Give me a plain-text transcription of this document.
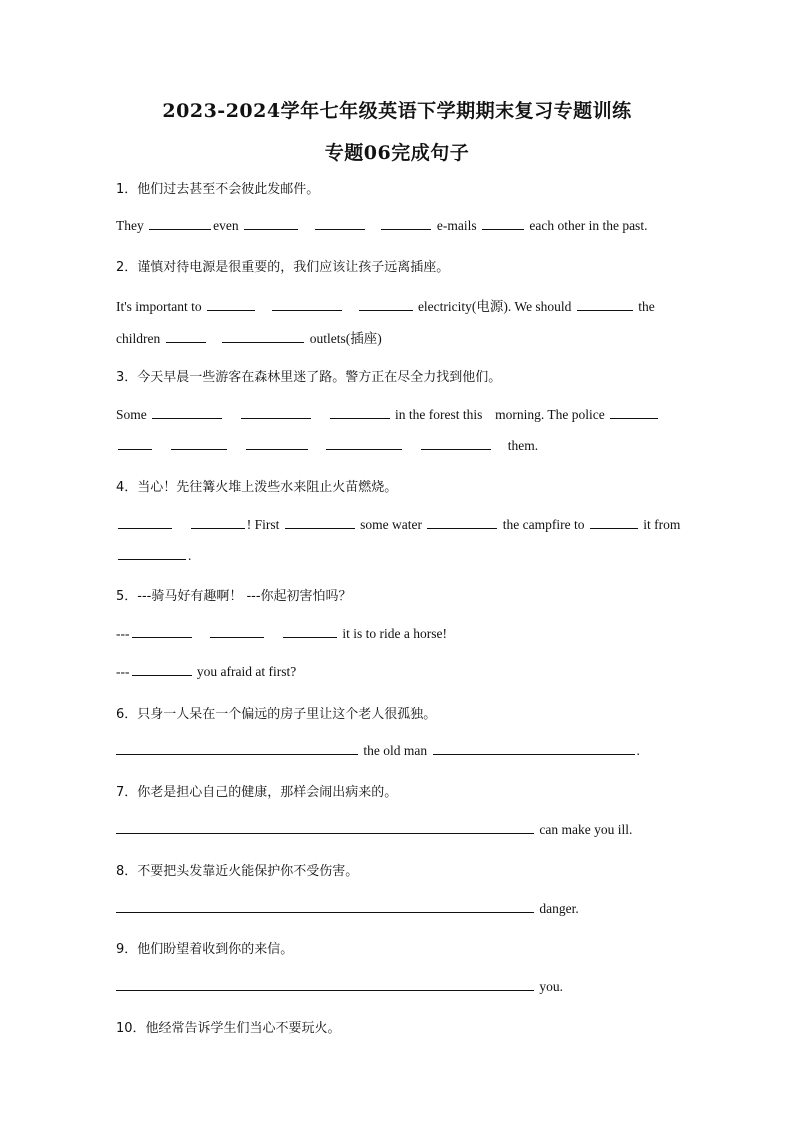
2023-2024学年七年级英语下学期期末复习专题训练
专题06完成句子
1．他们过去甚至不会彼此发邮件。
They	even	e-mails	each other in the past.
2．谨慎对待电源是很重要的，我们应该让孩子远离插座。
It's important to	electricity(电源). We should	the
children	outlets(插座)
3．今天早晨一些游客在森林里迷了路。警方正在尽全力找到他们。
Some	in the forest this morning. The police
them.
4．当心！先往篝火堆上泼些水来阻止火苗燃烧。
! First	some water	the campfire to	it from
.
5．---骑马好有趣啊！ ---你起初害怕吗？
---	it is to ride a horse!
---	you afraid at first?
6．只身一人呆在一个偏远的房子里让这个老人很孤独。
the old man	.
7．你老是担心自己的健康，那样会闹出病来的。
can make you ill.
8．不要把头发靠近火能保护你不受伤害。
danger.
9．他们盼望着收到你的来信。
you.
10．他经常告诉学生们当心不要玩火。
